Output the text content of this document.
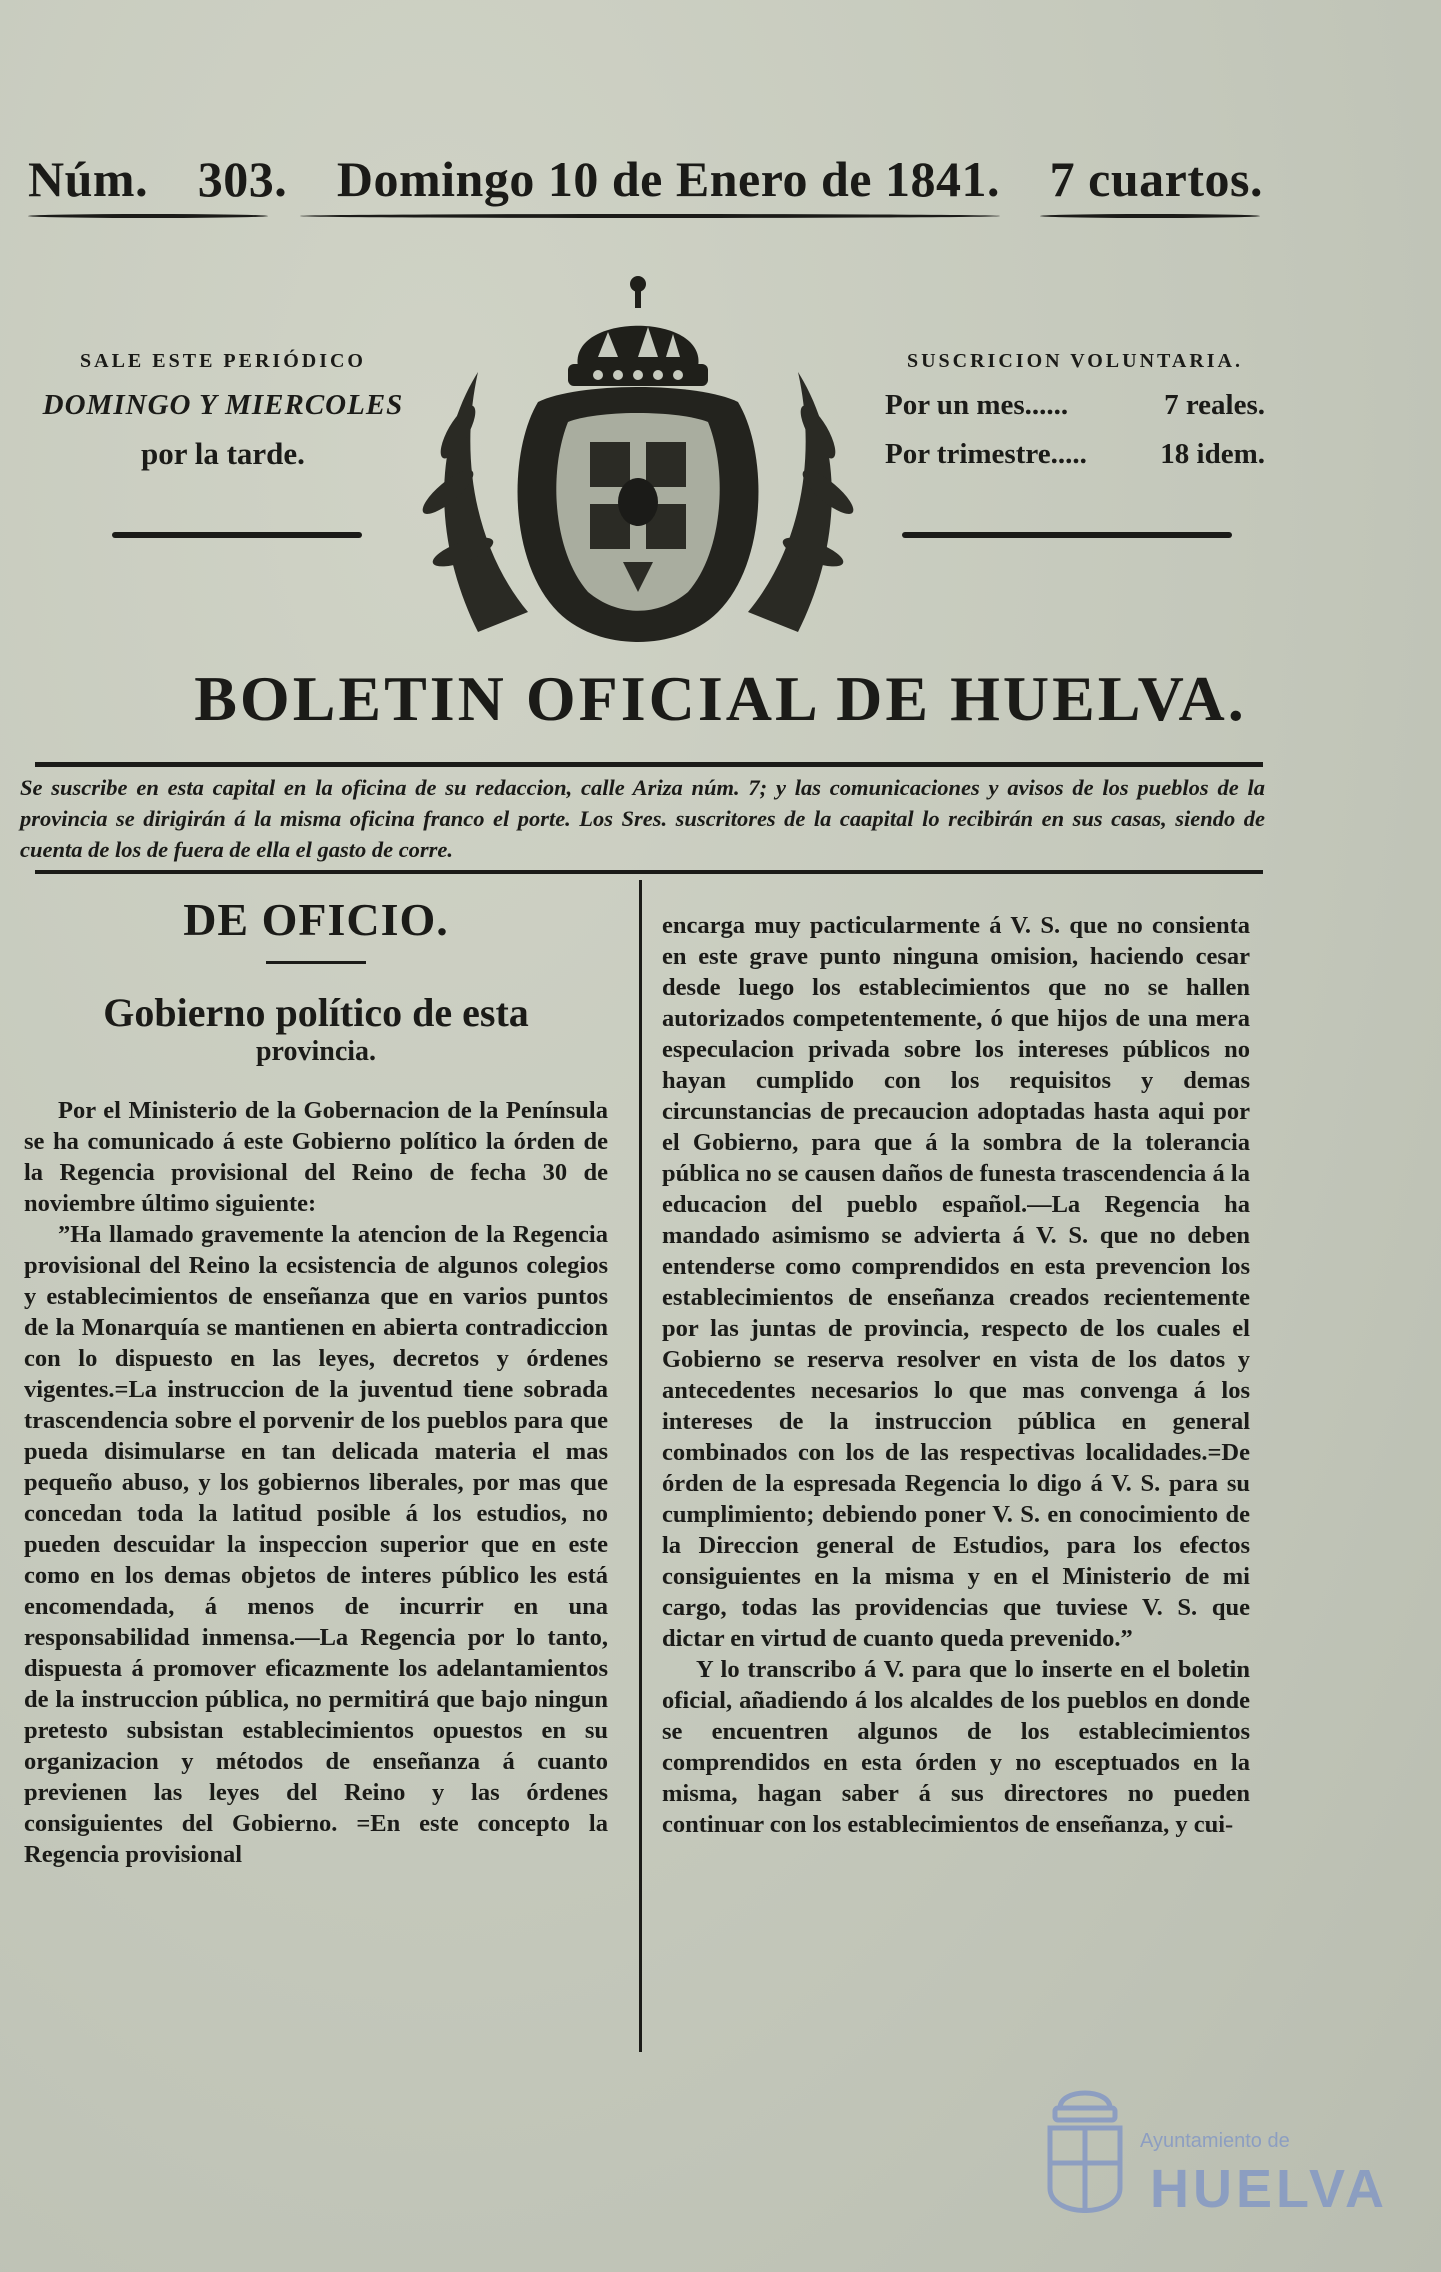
Núm. 303. Domingo 10 de Enero de 1841. 7 cuartos.
SALE ESTE PERIÓDICO
DOMINGO Y MIERCOLES
por la tarde.
SUSCRICION VOLUNTARIA.
Por un mes......	7 reales.
Por trimestre.....	18 idem.
BOLETIN OFICIAL DE HUELVA.
Se suscribe en esta capital en la oficina de su redaccion, calle Ariza núm. 7; y las comunicaciones y avisos de los pueblos de la provincia se dirigirán á la misma oficina franco el porte. Los Sres. suscritores de la caapital lo recibirán en sus casas, siendo de cuenta de los de fuera de ella el gasto de corre.
DE OFICIO.
Gobierno político de esta
provincia.

Por el Ministerio de la Gobernacion de la Península se ha comunicado á este Gobierno político la órden de la Regencia provisional del Reino de fecha 30 de noviembre último siguiente:

”Ha llamado gravemente la atencion de la Regencia provisional del Reino la ecsistencia de algunos colegios y establecimientos de enseñanza que en varios puntos de la Monarquía se mantienen en abierta contradiccion con lo dispuesto en las leyes, decretos y órdenes vigentes.=La instruccion de la juventud tiene sobrada trascendencia sobre el porvenir de los pueblos para que pueda disimularse en tan delicada materia el mas pequeño abuso, y los gobiernos liberales, por mas que concedan toda la latitud posible á los estudios, no pueden descuidar la inspeccion superior que en este como en los demas objetos de interes público les está encomendada, á menos de incurrir en una responsabilidad inmensa.—La Regencia por lo tanto, dispuesta á promover eficazmente los adelantamientos de la instruccion pública, no permitirá que bajo ningun pretesto subsistan establecimientos opuestos en su organizacion y métodos de enseñanza á cuanto previenen las leyes del Reino y las órdenes consiguientes del Gobierno. =En este concepto la Regencia provisional

encarga muy pacticularmente á V. S. que no consienta en este grave punto ninguna omision, haciendo cesar desde luego los establecimientos que no se hallen autorizados competentemente, ó que hijos de una mera especulacion privada sobre los intereses públicos no hayan cumplido con los requisitos y demas circunstancias de precaucion adoptadas hasta aqui por el Gobierno, para que á la sombra de la tolerancia pública no se causen daños de funesta trascendencia á la educacion del pueblo español.—La Regencia ha mandado asimismo se advierta á V. S. que no deben entenderse como comprendidos en esta prevencion los establecimientos de enseñanza creados recientemente por las juntas de provincia, respecto de los cuales el Gobierno se reserva resolver en vista de los datos y antecedentes necesarios lo que mas convenga á los intereses de la instruccion pública en general combinados con los de las respectivas localidades.=De órden de la espresada Regencia lo digo á V. S. para su cumplimiento; debiendo poner V. S. en conocimiento de la Direccion general de Estudios, para los efectos consiguientes en la misma y en el Ministerio de mi cargo, todas las providencias que tuviese V. S. que dictar en virtud de cuanto queda prevenido.”

Y lo transcribo á V. para que lo inserte en el boletin oficial, añadiendo á los alcaldes de los pueblos en donde se encuentren algunos de los establecimientos comprendidos en esta órden y no esceptuados en la misma, hagan saber á sus directores no pueden continuar con los establecimientos de enseñanza, y cui-

Ayuntamiento de
HUELVA
